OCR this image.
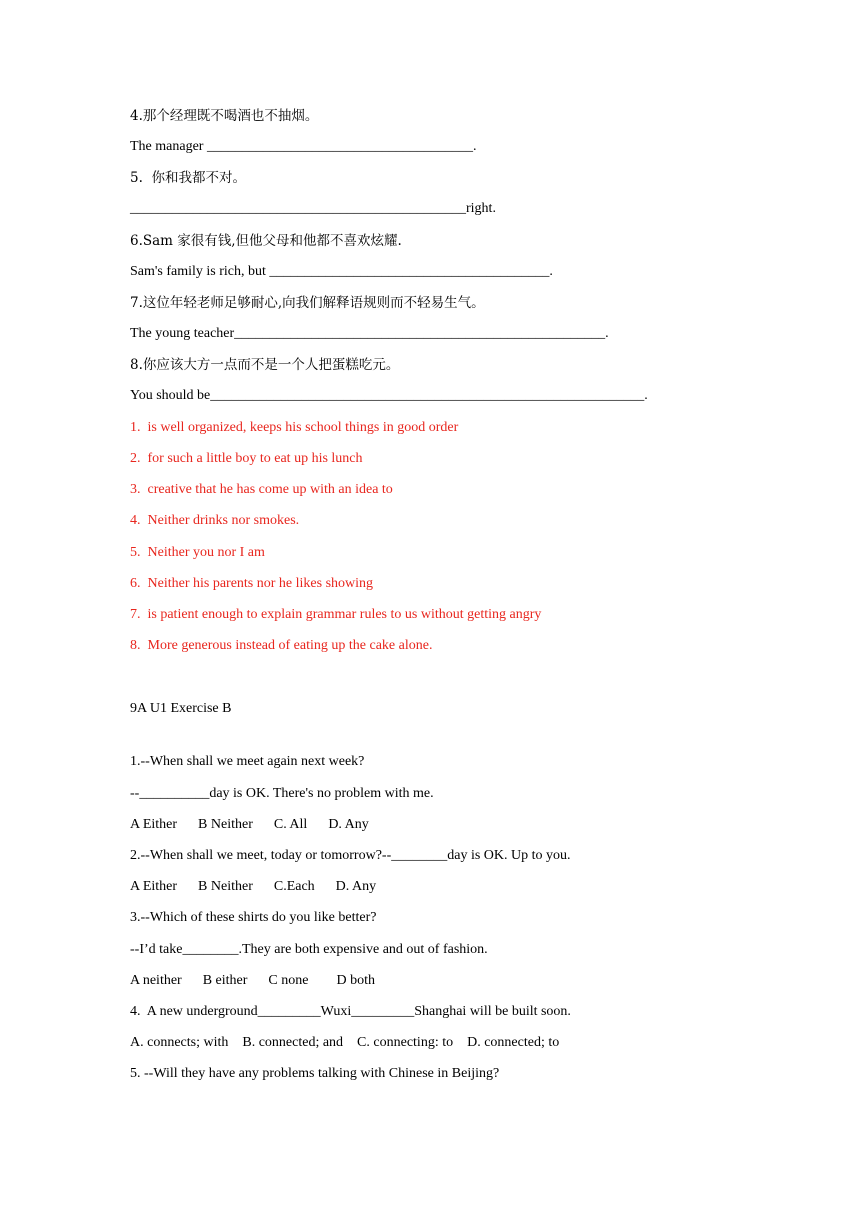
4.那个经理既不喝酒也不抽烟。
The manager ______________________________________.
5.  你和我都不对。
________________________________________________right.
6.Sam 家很有钱,但他父母和他都不喜欢炫耀.
Sam's family is rich, but ________________________________________.
7.这位年轻老师足够耐心,向我们解释语规则而不轻易生气。
The young teacher_____________________________________________________.
8.你应该大方一点而不是一个人把蛋糕吃元。
You should be______________________________________________________________.
1.  is well organized, keeps his school things in good order
2.  for such a little boy to eat up his lunch
3.  creative that he has come up with an idea to
4.  Neither drinks nor smokes.
5.  Neither you nor I am
6.  Neither his parents nor he likes showing
7.  is patient enough to explain grammar rules to us without getting angry
8.  More generous instead of eating up the cake alone.
9A U1 Exercise B
1.--When shall we meet again next week?
--__________day is OK. There's no problem with me.
A Either      B Neither      C. All      D. Any
2.--When shall we meet, today or tomorrow?--________day is OK. Up to you.
A Either      B Neither      C.Each      D. Any
3.--Which of these shirts do you like better?
--I’d take________.They are both expensive and out of fashion.
A neither      B either      C none        D both
4.  A new underground_________Wuxi_________Shanghai will be built soon.
A. connects; with    B. connected; and    C. connecting: to    D. connected; to
5. --Will they have any problems talking with Chinese in Beijing?
